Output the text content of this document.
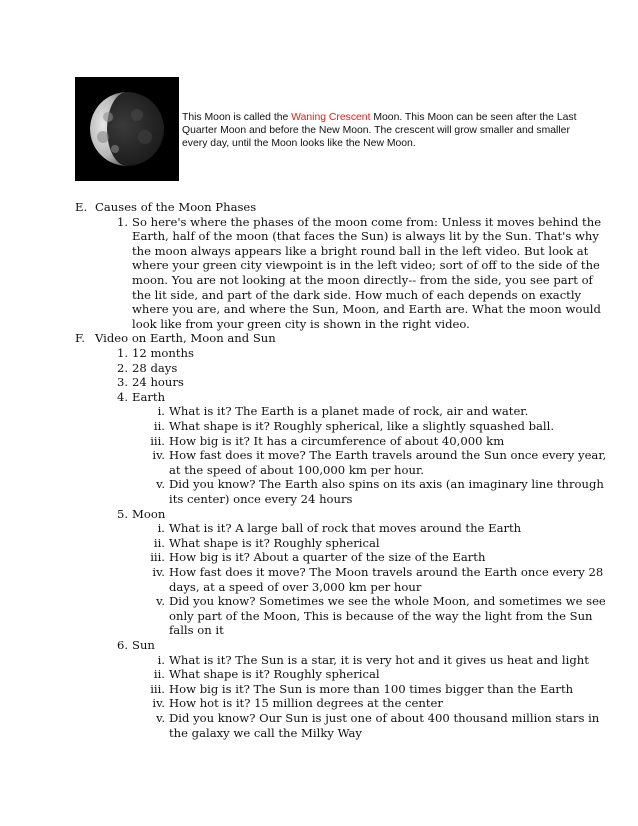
This Moon is called the Waning Crescent Moon. This Moon can be seen after the Last Quarter Moon and before the New Moon. The crescent will grow smaller and smaller every day, until the Moon looks like the New Moon.
E. Causes of the Moon Phases
1. So here's where the phases of the moon come from: Unless it moves behind the
Earth, half of the moon (that faces the Sun) is always lit by the Sun. That's why
the moon always appears like a bright round ball in the left video. But look at
where your green city viewpoint is in the left video; sort of off to the side of the
moon. You are not looking at the moon directly-- from the side, you see part of
the lit side, and part of the dark side. How much of each depends on exactly
where you are, and where the Sun, Moon, and Earth are. What the moon would
look like from your green city is shown in the right video.
F. Video on Earth, Moon and Sun
1. 12 months
2. 28 days
3. 24 hours
4. Earth
i. What is it? The Earth is a planet made of rock, air and water.
ii. What shape is it? Roughly spherical, like a slightly squashed ball.
iii. How big is it? It has a circumference of about 40,000 km
iv. How fast does it move? The Earth travels around the Sun once every year,
at the speed of about 100,000 km per hour.
v. Did you know? The Earth also spins on its axis (an imaginary line through
its center) once every 24 hours
5. Moon
i. What is it? A large ball of rock that moves around the Earth
ii. What shape is it? Roughly spherical
iii. How big is it? About a quarter of the size of the Earth
iv. How fast does it move? The Moon travels around the Earth once every 28
days, at a speed of over 3,000 km per hour
v. Did you know? Sometimes we see the whole Moon, and sometimes we see
only part of the Moon, This is because of the way the light from the Sun
falls on it
6. Sun
i. What is it? The Sun is a star, it is very hot and it gives us heat and light
ii. What shape is it? Roughly spherical
iii. How big is it? The Sun is more than 100 times bigger than the Earth
iv. How hot is it? 15 million degrees at the center
v. Did you know? Our Sun is just one of about 400 thousand million stars in
the galaxy we call the Milky Way
